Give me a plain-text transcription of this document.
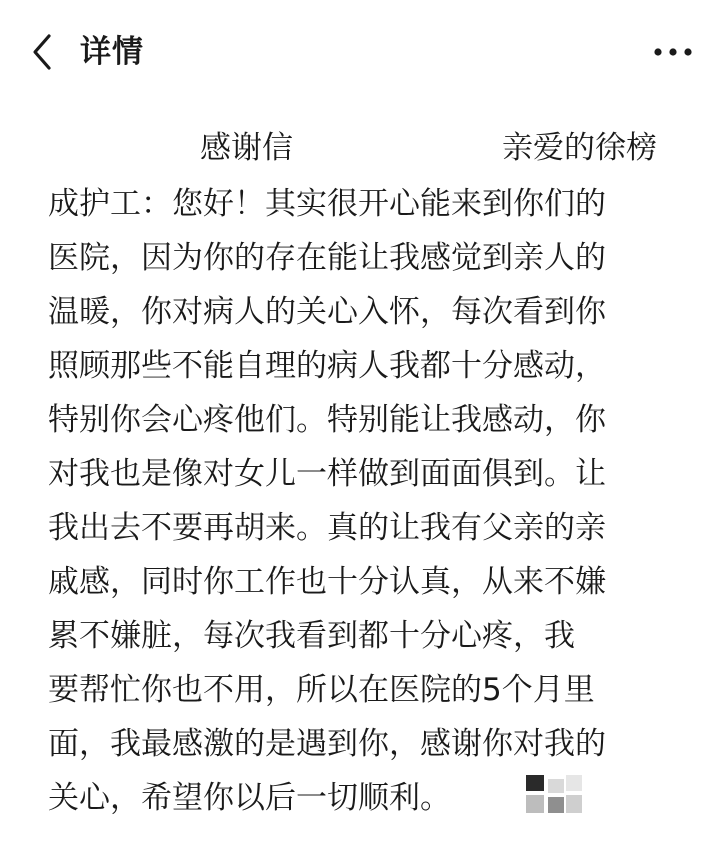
详情
感谢信	亲爱的徐榜
成护工：您好！其实很开心能来到你们的
医院，因为你的存在能让我感觉到亲人的
温暖，你对病人的关心入怀，每次看到你
照顾那些不能自理的病人我都十分感动，
特别你会心疼他们。特别能让我感动，你
对我也是像对女儿一样做到面面俱到。让
我出去不要再胡来。真的让我有父亲的亲
戚感，同时你工作也十分认真，从来不嫌
累不嫌脏，每次我看到都十分心疼，我
要帮忙你也不用，所以在医院的5个月里
面，我最感激的是遇到你，感谢你对我的
关心，希望你以后一切顺利。
